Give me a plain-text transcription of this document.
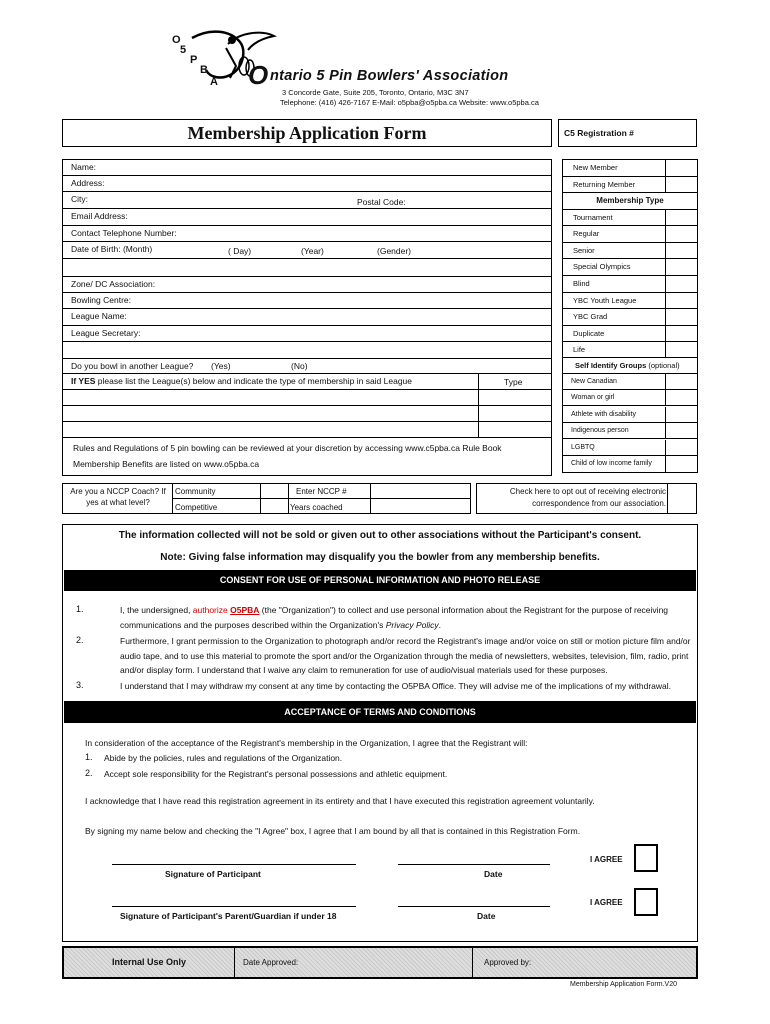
O
5
P
B
A O ntario 5 Pin Bowlers' Association
3 Concorde Gate, Suite 205, Toronto, Ontario, M3C 3N7
Telephone: (416) 426-7167 E-Mail: o5pba@o5pba.ca Website: www.o5pba.ca
Membership Application Form	C5 Registration #
Name:
Address:
City:	Postal Code:
Email Address:
Contact Telephone Number:
Date of Birth: (Month)	( Day)	(Year)	(Gender)
Zone/ DC Association:
Bowling Centre:
League Name:
League Secretary:
Do you bowl in another League?	(Yes)	(No)
If YES please list the League(s) below and indicate the type of membership in said League	Type
Rules and Regulations of 5 pin bowling can be reviewed at your discretion by accessing www.c5pba.ca Rule Book
Membership Benefits are listed on www.o5pba.ca
New Member
Returning Member
Membership Type
Tournament
Regular
Senior
Special Olympics
Blind
YBC Youth League
YBC Grad
Duplicate
Life
Self Identify Groups (optional)
New Canadian
Woman or girl
Athlete with disability
Indigenous person
LGBTQ
Child of low income family
Are you a NCCP Coach? If yes at what level?
Community
Competitive
Enter NCCP #
Years coached
Check here to opt out of receiving electronic correspondence from our association.
The information collected will not be sold or given out to other associations without the Participant's consent.
Note: Giving false information may disqualify you the bowler from any membership benefits.
CONSENT FOR USE OF PERSONAL INFORMATION AND PHOTO RELEASE
1.	I, the undersigned, authorize O5PBA (the "Organization") to collect and use personal information about the Registrant for the purpose of receiving communications and the purposes described within the Organization's Privacy Policy.
2.	Furthermore, I grant permission to the Organization to photograph and/or record the Registrant's image and/or voice on still or motion picture film and/or audio tape, and to use this material to promote the sport and/or the Organization through the media of newsletters, websites, television, film, radio, print and/or display form. I understand that I waive any claim to remuneration for use of audio/visual materials used for these purposes.
3.	I understand that I may withdraw my consent at any time by contacting the O5PBA Office. They will advise me of the implications of my withdrawal.
ACCEPTANCE OF TERMS AND CONDITIONS
In consideration of the acceptance of the Registrant's membership in the Organization, I agree that the Registrant will:
1. Abide by the policies, rules and regulations of the Organization.
2. Accept sole responsibility for the Registrant's personal possessions and athletic equipment.
I acknowledge that I have read this registration agreement in its entirety and that I have executed this registration agreement voluntarily.
By signing my name below and checking the "I Agree" box, I agree that I am bound by all that is contained in this Registration Form.
Signature of Participant	Date
I AGREE
Signature of Participant's Parent/Guardian if under 18	Date
I AGREE
Internal Use Only	Date Approved:	Approved by:
Membership Application Form.V20
